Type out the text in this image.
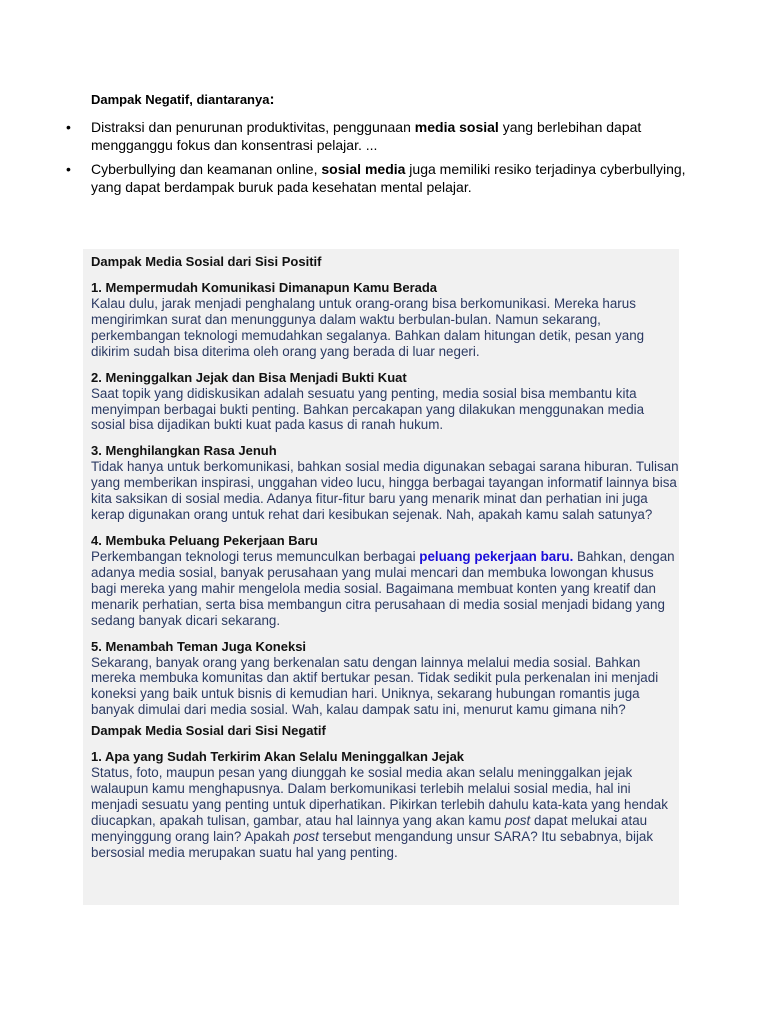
Dampak Negatif, diantaranya:

• Distraksi dan penurunan produktivitas, penggunaan media sosial yang berlebihan dapat mengganggu fokus dan konsentrasi pelajar. ...
• Cyberbullying dan keamanan online, sosial media juga memiliki resiko terjadinya cyberbullying, yang dapat berdampak buruk pada kesehatan mental pelajar.

Dampak Media Sosial dari Sisi Positif

1. Mempermudah Komunikasi Dimanapun Kamu Berada

Kalau dulu, jarak menjadi penghalang untuk orang-orang bisa berkomunikasi. Mereka harus mengirimkan surat dan menunggunya dalam waktu berbulan-bulan. Namun sekarang, perkembangan teknologi memudahkan segalanya. Bahkan dalam hitungan detik, pesan yang dikirim sudah bisa diterima oleh orang yang berada di luar negeri.

2. Meninggalkan Jejak dan Bisa Menjadi Bukti Kuat

Saat topik yang didiskusikan adalah sesuatu yang penting, media sosial bisa membantu kita menyimpan berbagai bukti penting. Bahkan percakapan yang dilakukan menggunakan media sosial bisa dijadikan bukti kuat pada kasus di ranah hukum.

3. Menghilangkan Rasa Jenuh

Tidak hanya untuk berkomunikasi, bahkan sosial media digunakan sebagai sarana hiburan. Tulisan yang memberikan inspirasi, unggahan video lucu, hingga berbagai tayangan informatif lainnya bisa kita saksikan di sosial media. Adanya fitur-fitur baru yang menarik minat dan perhatian ini juga kerap digunakan orang untuk rehat dari kesibukan sejenak. Nah, apakah kamu salah satunya?

4. Membuka Peluang Pekerjaan Baru

Perkembangan teknologi terus memunculkan berbagai peluang pekerjaan baru. Bahkan, dengan adanya media sosial, banyak perusahaan yang mulai mencari dan membuka lowongan khusus bagi mereka yang mahir mengelola media sosial. Bagaimana membuat konten yang kreatif dan menarik perhatian, serta bisa membangun citra perusahaan di media sosial menjadi bidang yang sedang banyak dicari sekarang.

5. Menambah Teman Juga Koneksi

Sekarang, banyak orang yang berkenalan satu dengan lainnya melalui media sosial. Bahkan mereka membuka komunitas dan aktif bertukar pesan. Tidak sedikit pula perkenalan ini menjadi koneksi yang baik untuk bisnis di kemudian hari. Uniknya, sekarang hubungan romantis juga banyak dimulai dari media sosial. Wah, kalau dampak satu ini, menurut kamu gimana nih?

Dampak Media Sosial dari Sisi Negatif

1. Apa yang Sudah Terkirim Akan Selalu Meninggalkan Jejak

Status, foto, maupun pesan yang diunggah ke sosial media akan selalu meninggalkan jejak walaupun kamu menghapusnya. Dalam berkomunikasi terlebih melalui sosial media, hal ini menjadi sesuatu yang penting untuk diperhatikan. Pikirkan terlebih dahulu kata-kata yang hendak diucapkan, apakah tulisan, gambar, atau hal lainnya yang akan kamu post dapat melukai atau menyinggung orang lain? Apakah post tersebut mengandung unsur SARA? Itu sebabnya, bijak bersosial media merupakan suatu hal yang penting.
